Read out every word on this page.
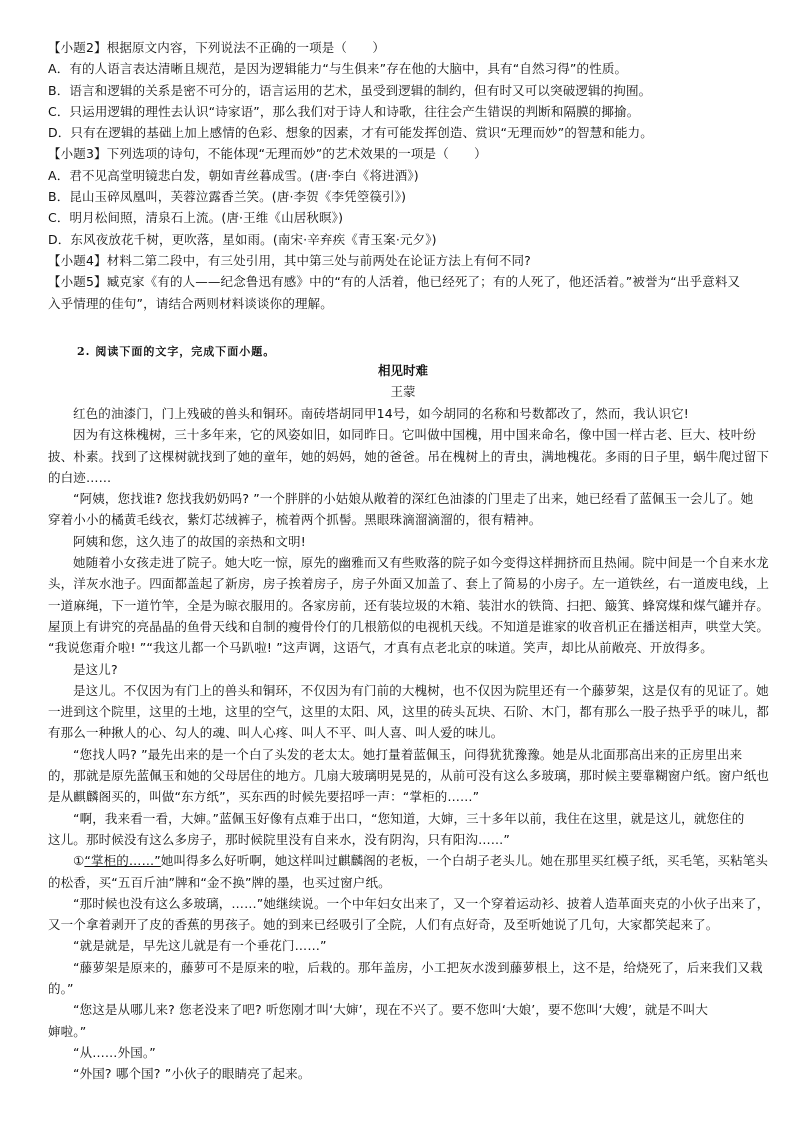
【小题2】根据原文内容，下列说法不正确的一项是（　　）
A．有的人语言表达清晰且规范，是因为逻辑能力“与生俱来”存在他的大脑中，具有“自然习得”的性质。
B．语言和逻辑的关系是密不可分的，语言运用的艺术，虽受到逻辑的制约，但有时又可以突破逻辑的拘囿。
C．只运用逻辑的理性去认识“诗家语”，那么我们对于诗人和诗歌，往往会产生错误的判断和隔膜的揶揄。
D．只有在逻辑的基础上加上感情的色彩、想象的因素，才有可能发挥创造、赏识“无理而妙”的智慧和能力。
【小题3】下列选项的诗句，不能体现“无理而妙”的艺术效果的一项是（　　）
A．君不见高堂明镜悲白发，朝如青丝暮成雪。(唐·李白《将进酒》)
B．昆山玉碎凤凰叫，芙蓉泣露香兰笑。(唐·李贺《李凭箜篌引》)
C．明月松间照，清泉石上流。(唐·王维《山居秋暝》)
D．东风夜放花千树，更吹落，星如雨。(南宋·辛弃疾《青玉案·元夕》)
【小题4】材料二第二段中，有三处引用，其中第三处与前两处在论证方法上有何不同?
【小题5】臧克家《有的人——纪念鲁迅有感》中的“有的人活着，他已经死了；有的人死了，他还活着。”被誉为“出乎意料又
入乎情理的佳句”，请结合两则材料谈谈你的理解。
2. 阅读下面的文字，完成下面小题。
相见时难
王蒙
红色的油漆门，门上残破的兽头和铜环。南砖塔胡同甲14号，如今胡同的名称和号数都改了，然而，我认识它!
因为有这株槐树，三十多年来，它的风姿如旧，如同昨日。它叫做中国槐，用中国来命名，像中国一样古老、巨大、枝叶纷
披、朴素。找到了这棵树就找到了她的童年，她的妈妈，她的爸爸。吊在槐树上的青虫，满地槐花。多雨的日子里，蜗牛爬过留下
的白迹……
“阿姨，您找谁? 您找我奶奶吗? ”一个胖胖的小姑娘从敞着的深红色油漆的门里走了出来，她已经看了蓝佩玉一会儿了。她
穿着小小的橘黄毛线衣，紫灯芯绒裤子，梳着两个抓髻。黑眼珠滴溜滴溜的，很有精神。
阿姨和您，这久违了的故国的亲热和文明!
她随着小女孩走进了院子。她大吃一惊，原先的幽雅而又有些败落的院子如今变得这样拥挤而且热闹。院中间是一个自来水龙
头，洋灰水池子。四面都盖起了新房，房子挨着房子，房子外面又加盖了、套上了简易的小房子。左一道铁丝，右一道废电线，上
一道麻绳，下一道竹竿，全是为晾衣服用的。各家房前，还有装垃圾的木箱、装泔水的铁筒、扫把、簸箕、蜂窝煤和煤气罐并存。
屋顶上有讲究的亮晶晶的鱼骨天线和自制的瘦骨伶仃的几根筋似的电视机天线。不知道是谁家的收音机正在播送相声，哄堂大笑。
“我说您甭介啦! ”“我这儿都一个马趴啦! ”这声调，这语气，才真有点老北京的味道。笑声，却比从前敞亮、开放得多。
是这儿?
是这儿。不仅因为有门上的兽头和铜环，不仅因为有门前的大槐树，也不仅因为院里还有一个藤萝架，这是仅有的见证了。她
一进到这个院里，这里的土地，这里的空气，这里的太阳、风，这里的砖头瓦块、石阶、木门，都有那么一股子热乎乎的味儿，都
有那么一种揪人的心、勾人的魂、叫人心疼、叫人不平、叫人喜、叫人爱的味儿。
“您找人吗? ”最先出来的是一个白了头发的老太太。她打量着蓝佩玉，问得犹犹豫豫。她是从北面那高出来的正房里出来
的，那就是原先蓝佩玉和她的父母居住的地方。几扇大玻璃明晃晃的，从前可没有这么多玻璃，那时候主要靠糊窗户纸。窗户纸也
是从麒麟阁买的，叫做“东方纸”，买东西的时候先要招呼一声：“掌柜的……”
“啊，我来看一看，大婶。”蓝佩玉好像有点难于出口，“您知道，大婶，三十多年以前，我住在这里，就是这儿，就您住的
这儿。那时候没有这么多房子，那时候院里没有自来水，没有阴沟，只有阳沟……”
①“掌柜的……”她叫得多么好听啊，她这样叫过麒麟阁的老板，一个白胡子老头儿。她在那里买红模子纸，买毛笔，买粘笔头
的松香，买“五百斤油”牌和“金不换”牌的墨，也买过窗户纸。
“那时候也没有这么多玻璃，……”她继续说。一个中年妇女出来了，又一个穿着运动衫、披着人造革面夹克的小伙子出来了，
又一个拿着剥开了皮的香蕉的男孩子。她的到来已经吸引了全院，人们有点好奇，及至听她说了几句，大家都笑起来了。
“就是就是，早先这儿就是有一个垂花门……”
“藤萝架是原来的，藤萝可不是原来的啦，后栽的。那年盖房，小工把灰水泼到藤萝根上，这不是，给烧死了，后来我们又栽
的。”
“您这是从哪儿来? 您老没来了吧? 听您刚才叫‘大婶’，现在不兴了。要不您叫‘大娘’，要不您叫‘大嫂’，就是不叫大
婶啦。”
“从……外国。”
“外国? 哪个国? ”小伙子的眼睛亮了起来。
